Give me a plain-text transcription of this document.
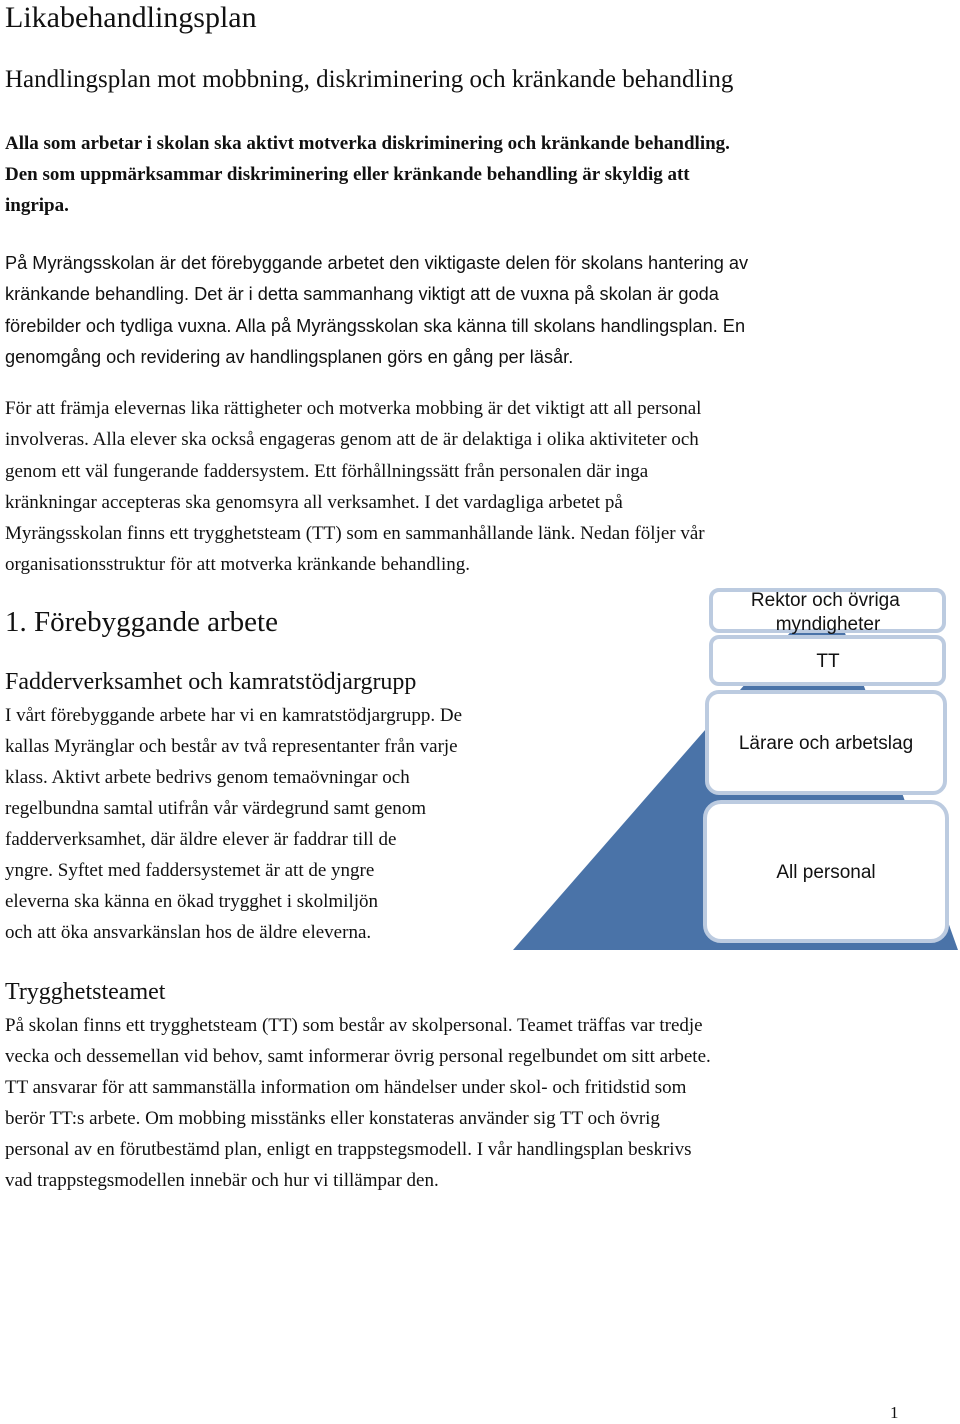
Likabehandlingsplan
Handlingsplan mot mobbning, diskriminering och kränkande behandling
Alla som arbetar i skolan ska aktivt motverka diskriminering och kränkande behandling.
Den som uppmärksammar diskriminering eller kränkande behandling är skyldig att
ingripa.
På Myrängsskolan är det förebyggande arbetet den viktigaste delen för skolans hantering av
kränkande behandling. Det är i detta sammanhang viktigt att de vuxna på skolan är goda
förebilder och tydliga vuxna. Alla på Myrängsskolan ska känna till skolans handlingsplan. En
genomgång och revidering av handlingsplanen görs en gång per läsår.
För att främja elevernas lika rättigheter och motverka mobbing är det viktigt att all personal
involveras. Alla elever ska också engageras genom att de är delaktiga i olika aktiviteter och
genom ett väl fungerande faddersystem. Ett förhållningssätt från personalen där inga
kränkningar accepteras ska genomsyra all verksamhet. I det vardagliga arbetet på
Myrängsskolan finns ett trygghetsteam (TT) som en sammanhållande länk. Nedan följer vår
organisationsstruktur för att motverka kränkande behandling.
1. Förebyggande arbete
Fadderverksamhet och kamratstödjargrupp
I vårt förebyggande arbete har vi en kamratstödjargrupp. De
kallas Myränglar och består av två representanter från varje
klass. Aktivt arbete bedrivs genom temaövningar och
regelbundna samtal utifrån vår värdegrund samt genom
fadderverksamhet, där äldre elever är faddrar till de
yngre. Syftet med faddersystemet är att de yngre
eleverna ska känna en ökad trygghet i skolmiljön
och att öka ansvarkänslan hos de äldre eleverna.
Rektor och övriga myndigheter
TT
Lärare och arbetslag
All personal
Trygghetsteamet
På skolan finns ett trygghetsteam (TT) som består av skolpersonal. Teamet träffas var tredje
vecka och dessemellan vid behov, samt informerar övrig personal regelbundet om sitt arbete.
TT ansvarar för att sammanställa information om händelser under skol- och fritidstid som
berör TT:s arbete. Om mobbing misstänks eller konstateras använder sig TT och övrig
personal av en förutbestämd plan, enligt en trappstegsmodell. I vår handlingsplan beskrivs
vad trappstegsmodellen innebär och hur vi tillämpar den.
1
